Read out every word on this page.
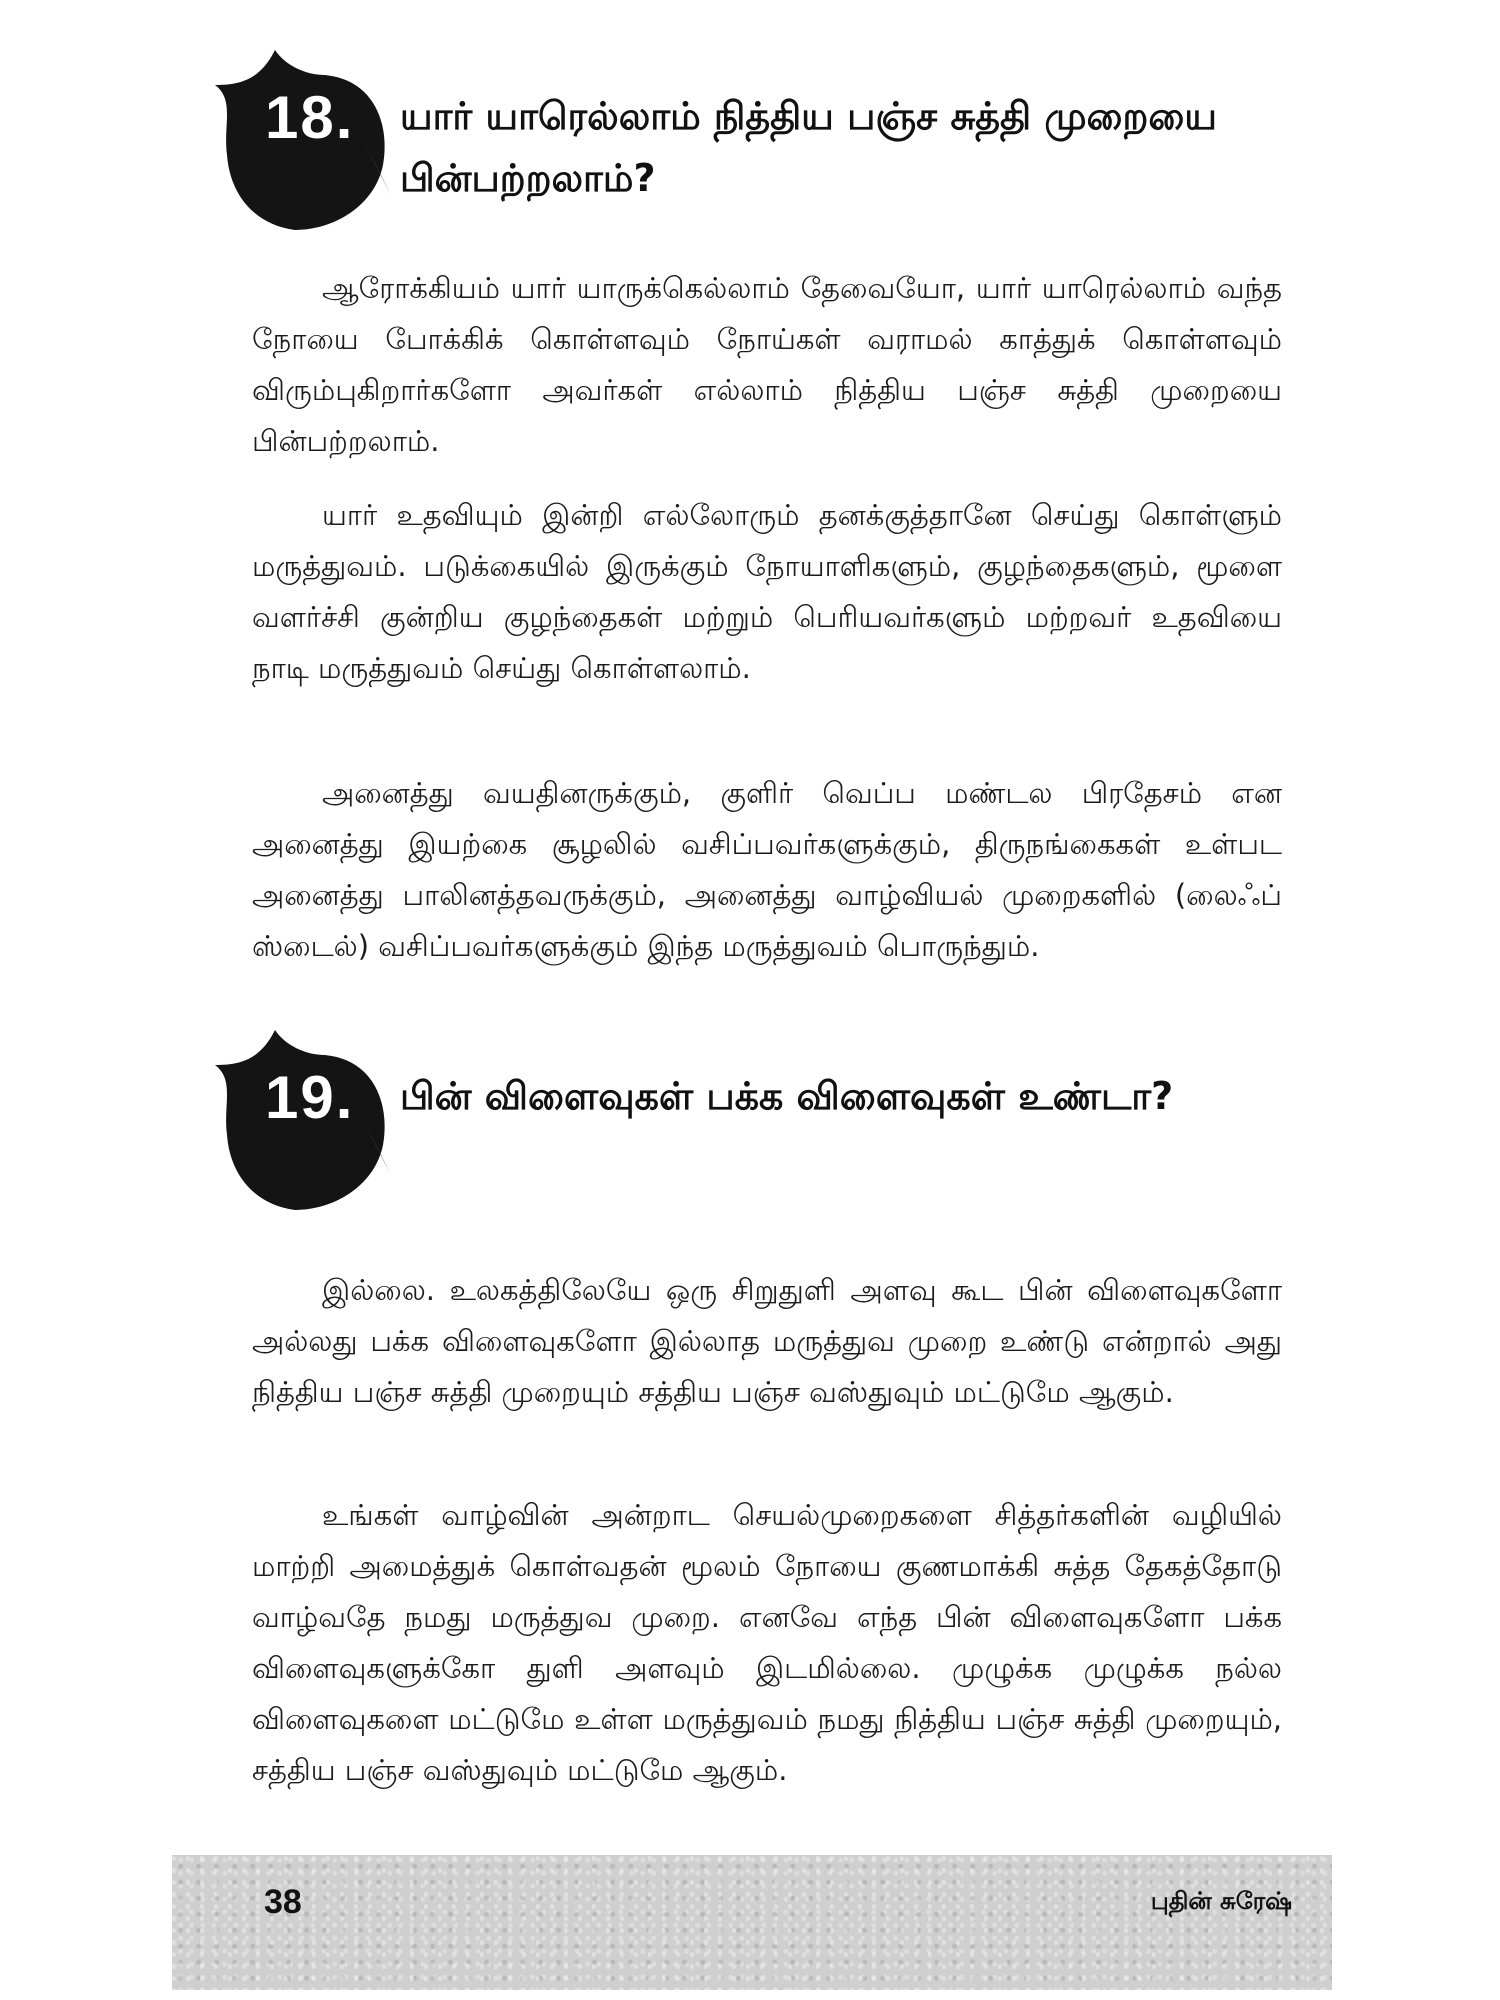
18.	யார் யாரெல்லாம் நித்திய பஞ்ச சுத்தி முறையை பின்பற்றலாம்?

ஆரோக்கியம் யார் யாருக்கெல்லாம் தேவையோ, யார் யாரெல்லாம் வந்த நோயை போக்கிக் கொள்ளவும் நோய்கள் வராமல் காத்துக் கொள்ளவும் விரும்புகிறார்களோ அவர்கள் எல்லாம் நித்திய பஞ்ச சுத்தி முறையை பின்பற்றலாம்.

யார் உதவியும் இன்றி எல்லோரும் தனக்குத்தானே செய்து கொள்ளும் மருத்துவம். படுக்கையில் இருக்கும் நோயாளிகளும், குழந்தைகளும், மூளை வளர்ச்சி குன்றிய குழந்தைகள் மற்றும் பெரியவர்களும் மற்றவர் உதவியை நாடி மருத்துவம் செய்து கொள்ளலாம்.

அனைத்து வயதினருக்கும், குளிர் வெப்ப மண்டல பிரதேசம் என அனைத்து இயற்கை சூழலில் வசிப்பவர்களுக்கும், திருநங்கைகள் உள்பட அனைத்து பாலினத்தவருக்கும், அனைத்து வாழ்வியல் முறைகளில் (லைஃப் ஸ்டைல்) வசிப்பவர்களுக்கும் இந்த மருத்துவம் பொருந்தும்.

19.	பின் விளைவுகள் பக்க விளைவுகள் உண்டா?

இல்லை. உலகத்திலேயே ஒரு சிறுதுளி அளவு கூட பின் விளைவுகளோ அல்லது பக்க விளைவுகளோ இல்லாத மருத்துவ முறை உண்டு என்றால் அது நித்திய பஞ்ச சுத்தி முறையும் சத்திய பஞ்ச வஸ்துவும் மட்டுமே ஆகும்.

உங்கள் வாழ்வின் அன்றாட செயல்முறைகளை சித்தர்களின் வழியில் மாற்றி அமைத்துக் கொள்வதன் மூலம் நோயை குணமாக்கி சுத்த தேகத்தோடு வாழ்வதே நமது மருத்துவ முறை. எனவே எந்த பின் விளைவுகளோ பக்க விளைவுகளுக்கோ துளி அளவும் இடமில்லை. முழுக்க முழுக்க நல்ல விளைவுகளை மட்டுமே உள்ள மருத்துவம் நமது நித்திய பஞ்ச சுத்தி முறையும், சத்திய பஞ்ச வஸ்துவும் மட்டுமே ஆகும்.

38	புதின் சுரேஷ்
